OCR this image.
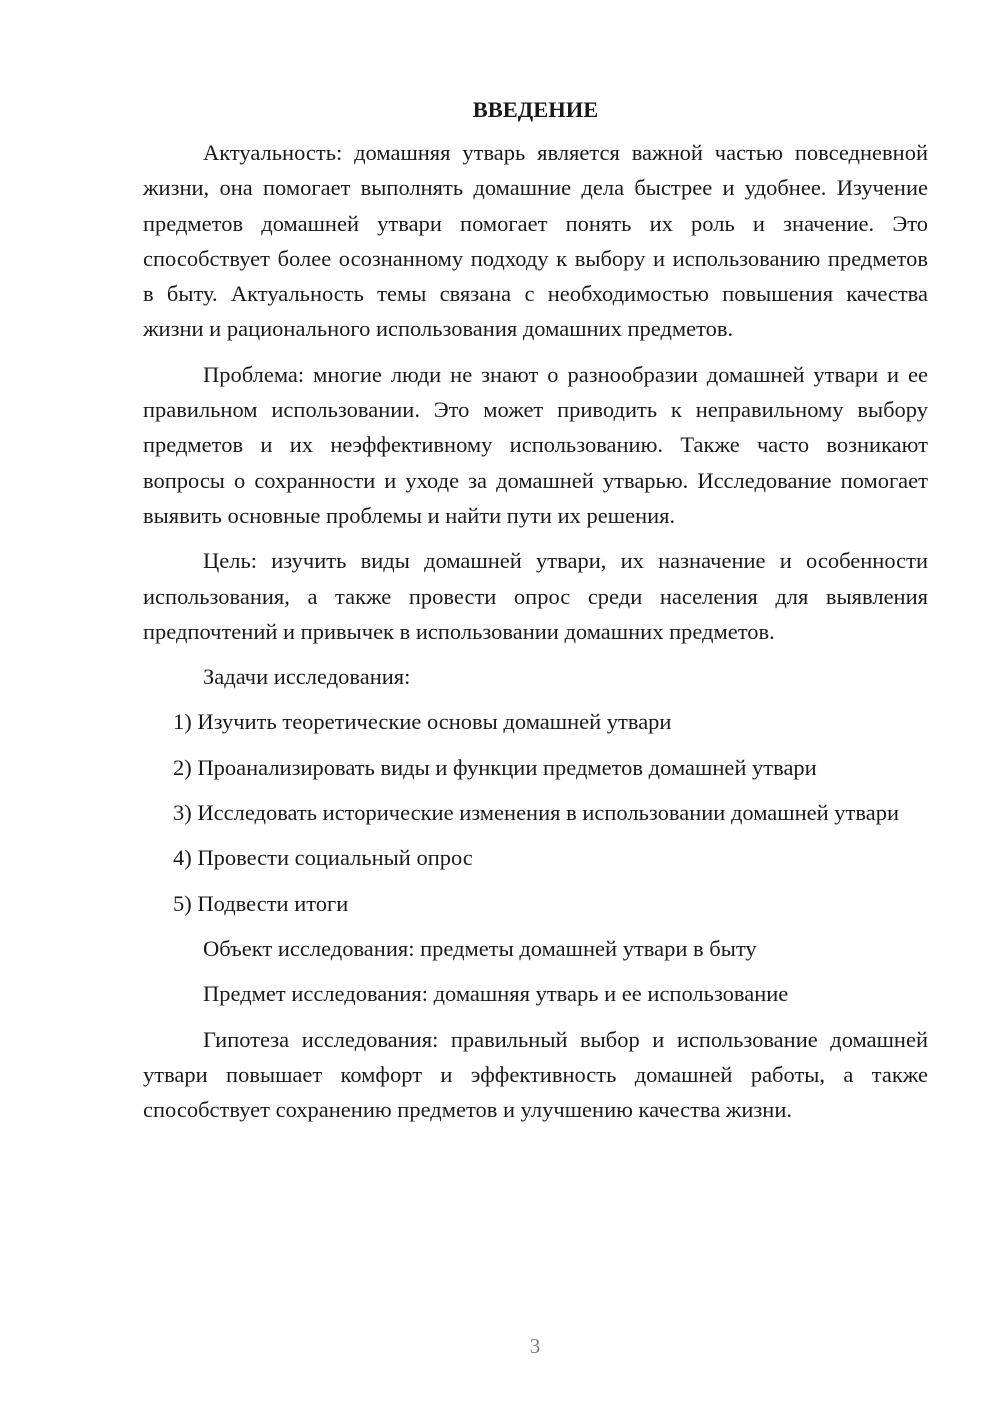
ВВЕДЕНИЕ

Актуальность: домашняя утварь является важной частью повседневной жизни, она помогает выполнять домашние дела быстрее и удобнее. Изучение предметов домашней утвари помогает понять их роль и значение. Это способствует более осознанному подходу к выбору и использованию предметов в быту. Актуальность темы связана с необходимостью повышения качества жизни и рационального использования домашних предметов.

Проблема: многие люди не знают о разнообразии домашней утвари и ее правильном использовании. Это может приводить к неправильному выбору предметов и их неэффективному использованию. Также часто возникают вопросы о сохранности и уходе за домашней утварью. Исследование помогает выявить основные проблемы и найти пути их решения.

Цель: изучить виды домашней утвари, их назначение и особенности использования, а также провести опрос среди населения для выявления предпочтений и привычек в использовании домашних предметов.

Задачи исследования:

1) Изучить теоретические основы домашней утвари

2) Проанализировать виды и функции предметов домашней утвари

3) Исследовать исторические изменения в использовании домашней утвари

4) Провести социальный опрос

5) Подвести итоги

Объект исследования: предметы домашней утвари в быту

Предмет исследования: домашняя утварь и ее использование

Гипотеза исследования: правильный выбор и использование домашней утвари повышает комфорт и эффективность домашней работы, а также способствует сохранению предметов и улучшению качества жизни.

3
